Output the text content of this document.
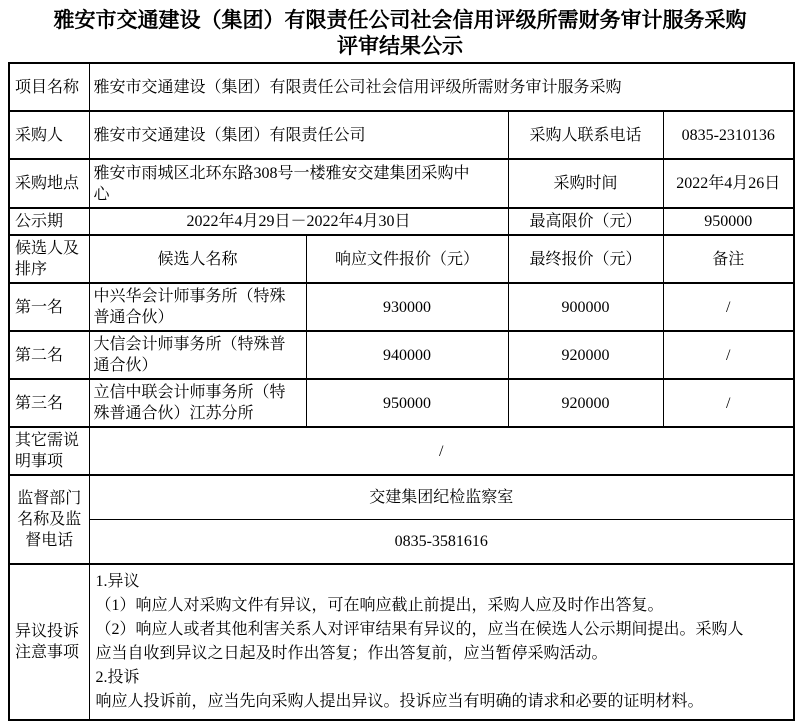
雅安市交通建设（集团）有限责任公司社会信用评级所需财务审计服务采购
评审结果公示
项目名称	雅安市交通建设（集团）有限责任公司社会信用评级所需财务审计服务采购			
采购人	雅安市交通建设（集团）有限责任公司		采购人联系电话	0835-2310136
采购地点	雅安市雨城区北环东路308号一楼雅安交建集团采购中心		采购时间	2022年4月26日
公示期	2022年4月29日－2022年4月30日		最高限价（元）	950000
候选人及排序	候选人名称	响应文件报价（元）	最终报价（元）	备注
第一名	中兴华会计师事务所（特殊普通合伙）	930000	900000	/
第二名	大信会计师事务所（特殊普通合伙）	940000	920000	/
第三名	立信中联会计师事务所（特殊普通合伙）江苏分所	950000	920000	/
其它需说明事项	/			
监督部门名称及监督电话	交建集团纪检监察室			
	0835-3581616			
异议投诉注意事项	1.异议
（1）响应人对采购文件有异议，可在响应截止前提出，采购人应及时作出答复。
（2）响应人或者其他利害关系人对评审结果有异议的，应当在候选人公示期间提出。采购人应当自收到异议之日起及时作出答复；作出答复前，应当暂停采购活动。
2.投诉
响应人投诉前，应当先向采购人提出异议。投诉应当有明确的请求和必要的证明材料。			
